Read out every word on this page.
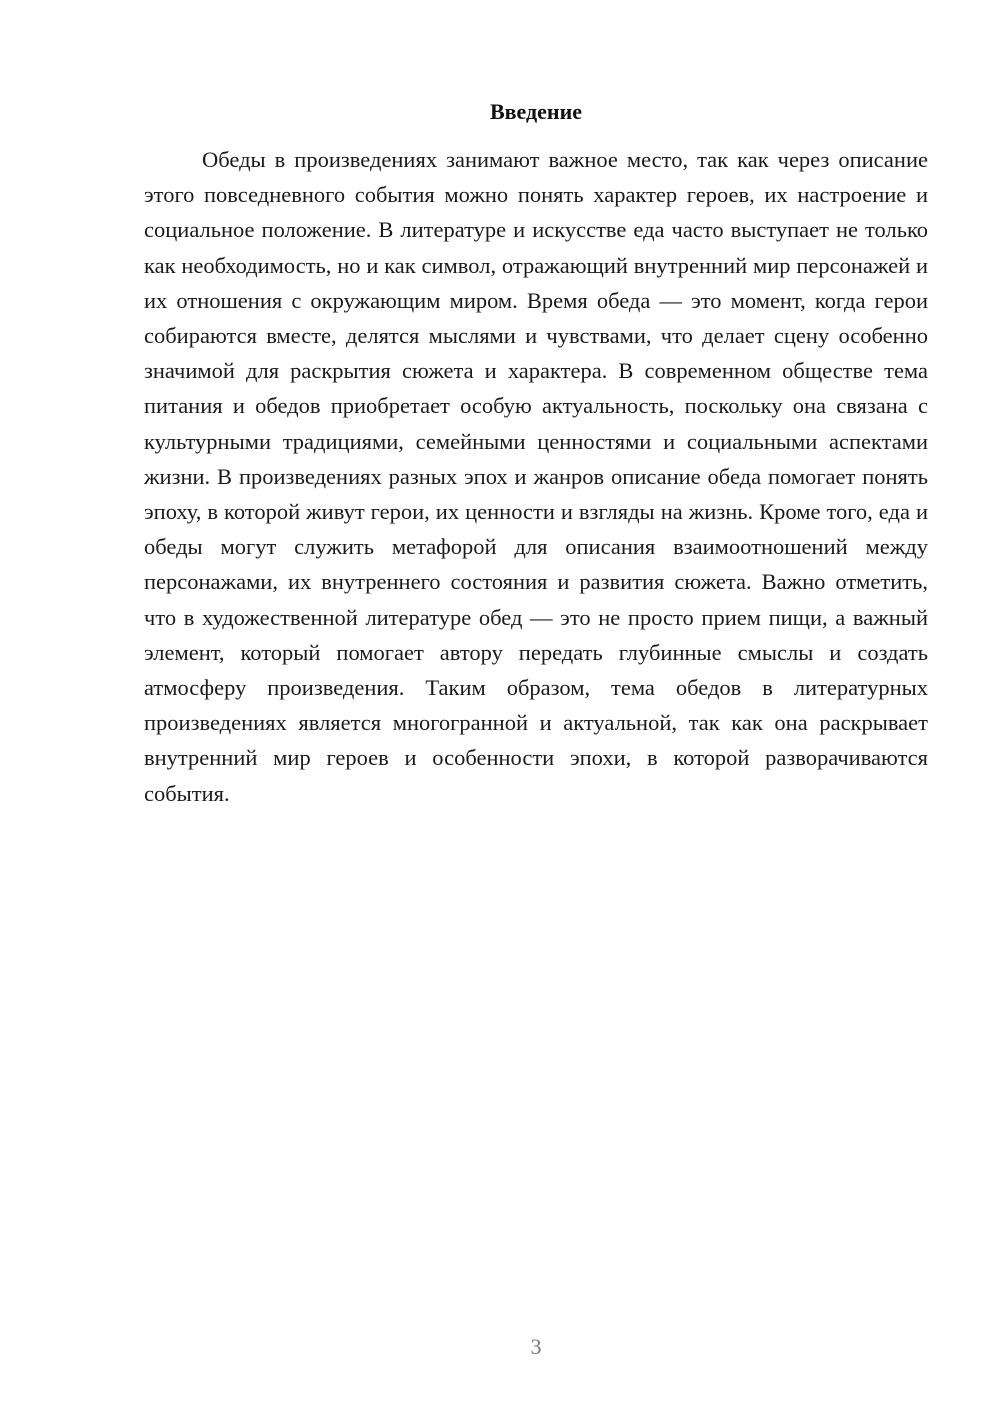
Введение

Обеды в произведениях занимают важное место, так как через описание этого повседневного события можно понять характер героев, их настроение и социальное положение. В литературе и искусстве еда часто выступает не только как необходимость, но и как символ, отражающий внутренний мир персонажей и их отношения с окружающим миром. Время обеда — это момент, когда герои собираются вместе, делятся мыслями и чувствами, что делает сцену особенно значимой для раскрытия сюжета и характера. В современном обществе тема питания и обедов приобретает особую актуальность, поскольку она связана с культурными традициями, семейными ценностями и социальными аспектами жизни. В произведениях разных эпох и жанров описание обеда помогает понять эпоху, в которой живут герои, их ценности и взгляды на жизнь. Кроме того, еда и обеды могут служить метафорой для описания взаимоотношений между персонажами, их внутреннего состояния и развития сюжета. Важно отметить, что в художественной литературе обед — это не просто прием пищи, а важный элемент, который помогает автору передать глубинные смыслы и создать атмосферу произведения. Таким образом, тема обедов в литературных произведениях является многогранной и актуальной, так как она раскрывает внутренний мир героев и особенности эпохи, в которой разворачиваются события.

3
